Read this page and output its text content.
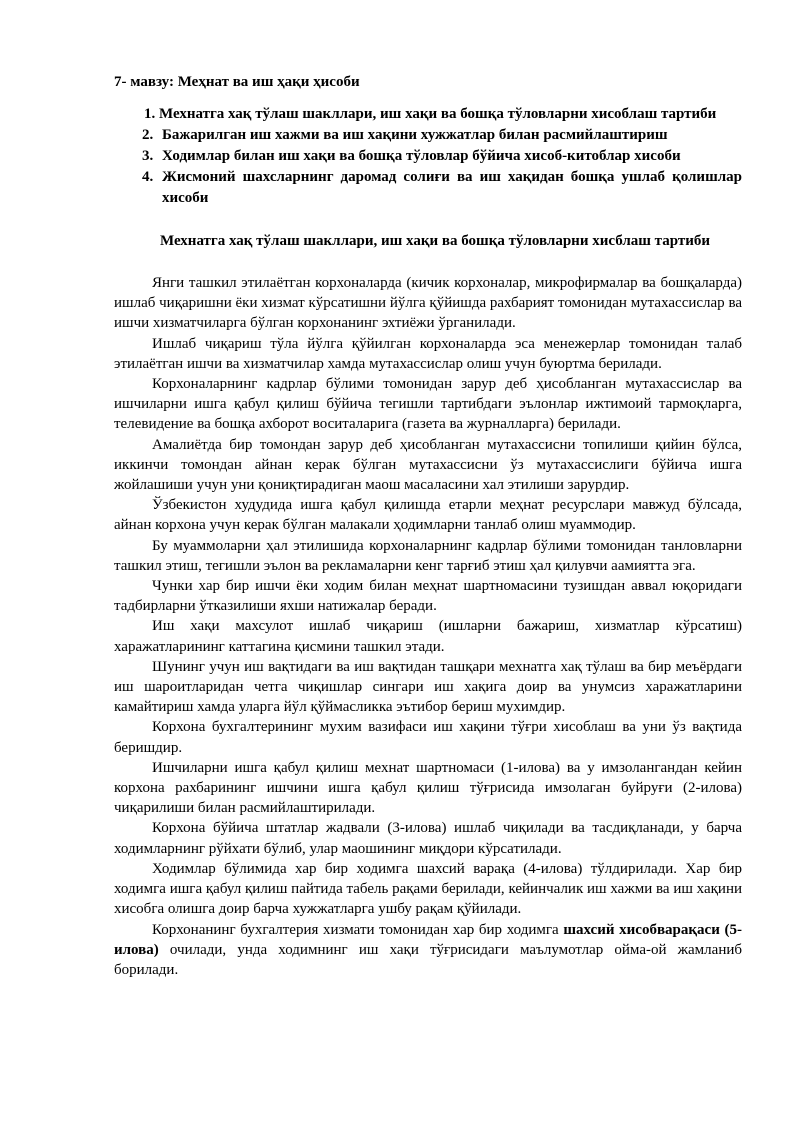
7- мавзу: Меҳнат ва иш ҳақи ҳисоби

1. Мехнатга хақ тўлаш шакллари, иш хақи ва бошқа тўловларни хисоблаш тартиби
2. Бажарилган иш хажми ва иш хақини хужжатлар билан расмийлаштириш
3. Ходимлар билан иш хақи ва бошқа тўловлар бўйича хисоб-китоблар хисоби
4. Жисмоний шахсларнинг даромад солиғи ва иш хақидан бошқа ушлаб қолишлар хисоби

Мехнатга хақ тўлаш шакллари, иш хақи ва бошқа тўловларни хисблаш тартиби

Янги ташкил этилаётган корхоналарда (кичик корхоналар, микрофирмалар ва бошқаларда) ишлаб чиқаришни ёки хизмат кўрсатишни йўлга қўйишда рахбарият томонидан мутахассислар ва ишчи хизматчиларга бўлган корхонанинг эхтиёжи ўрганилади.

Ишлаб чиқариш тўла йўлга қўйилган корхоналарда эса менежерлар томонидан талаб этилаётган ишчи ва хизматчилар хамда мутахассислар олиш учун буюртма берилади.

Корхоналарнинг кадрлар бўлими томонидан зарур деб ҳисобланган мутахассислар ва ишчиларни ишга қабул қилиш бўйича тегишли тартибдаги эълонлар ижтимоий тармоқларга, телевидение ва бошқа ахборот воситаларига (газета ва журналларга) берилади.

Амалиётда бир томондан зарур деб ҳисобланган мутахассисни топилиши қийин бўлса, иккинчи томондан айнан керак бўлган мутахассисни ўз мутахассислиги бўйича ишга жойлашиши учун уни қониқтирадиган маош масаласини хал этилиши зарурдир.

Ўзбекистон худудида ишга қабул қилишда етарли меҳнат ресурслари мавжуд бўлсада, айнан корхона учун керак бўлган малакали ҳодимларни танлаб олиш муаммодир.

Бу муаммоларни ҳал этилишида корхоналарнинг кадрлар бўлими томонидан танловларни ташкил этиш, тегишли эълон ва рекламаларни кенг тарғиб этиш ҳал қилувчи аамиятта эга.

Чунки хар бир ишчи ёки ходим билан меҳнат шартномасини тузишдан аввал юқоридаги тадбирларни ўтказилиши яхши натижалар беради.

Иш хақи махсулот ишлаб чиқариш (ишларни бажариш, хизматлар кўрсатиш) харажатларининг каттагина қисмини ташкил этади.

Шунинг учун иш вақтидаги ва иш вақтидан ташқари мехнатга хақ тўлаш ва бир меъёрдаги иш шароитларидан четга чиқишлар сингари иш хақига доир ва унумсиз харажатларини камайтириш хамда уларга йўл қўймасликка эътибор бериш мухимдир.

Корхона бухгалтерининг мухим вазифаси иш хақини тўғри хисоблаш ва уни ўз вақтида беришдир.

Ишчиларни ишга қабул қилиш мехнат шартномаси (1-илова) ва у имзолангандан кейин корхона рахбарининг ишчини ишга қабул қилиш тўғрисида имзолаган буйруғи (2-илова) чиқарилиши билан расмийлаштирилади.

Корхона бўйича штатлар жадвали (3-илова) ишлаб чиқилади ва тасдиқланади, у барча ходимларнинг рўйхати бўлиб, улар маошининг миқдори кўрсатилади.

Ходимлар бўлимида хар бир ходимга шахсий варақа (4-илова) тўлдирилади. Хар бир ходимга ишга қабул қилиш пайтида табель рақами берилади, кейинчалик иш хажми ва иш хақини хисобга олишга доир барча хужжатларга ушбу рақам қўйилади.

Корхонанинг бухгалтерия хизмати томонидан хар бир ходимга шахсий хисобварақаси (5-илова) очилади, унда ходимнинг иш хақи тўғрисидаги маълумотлар ойма-ой жамланиб борилади.
